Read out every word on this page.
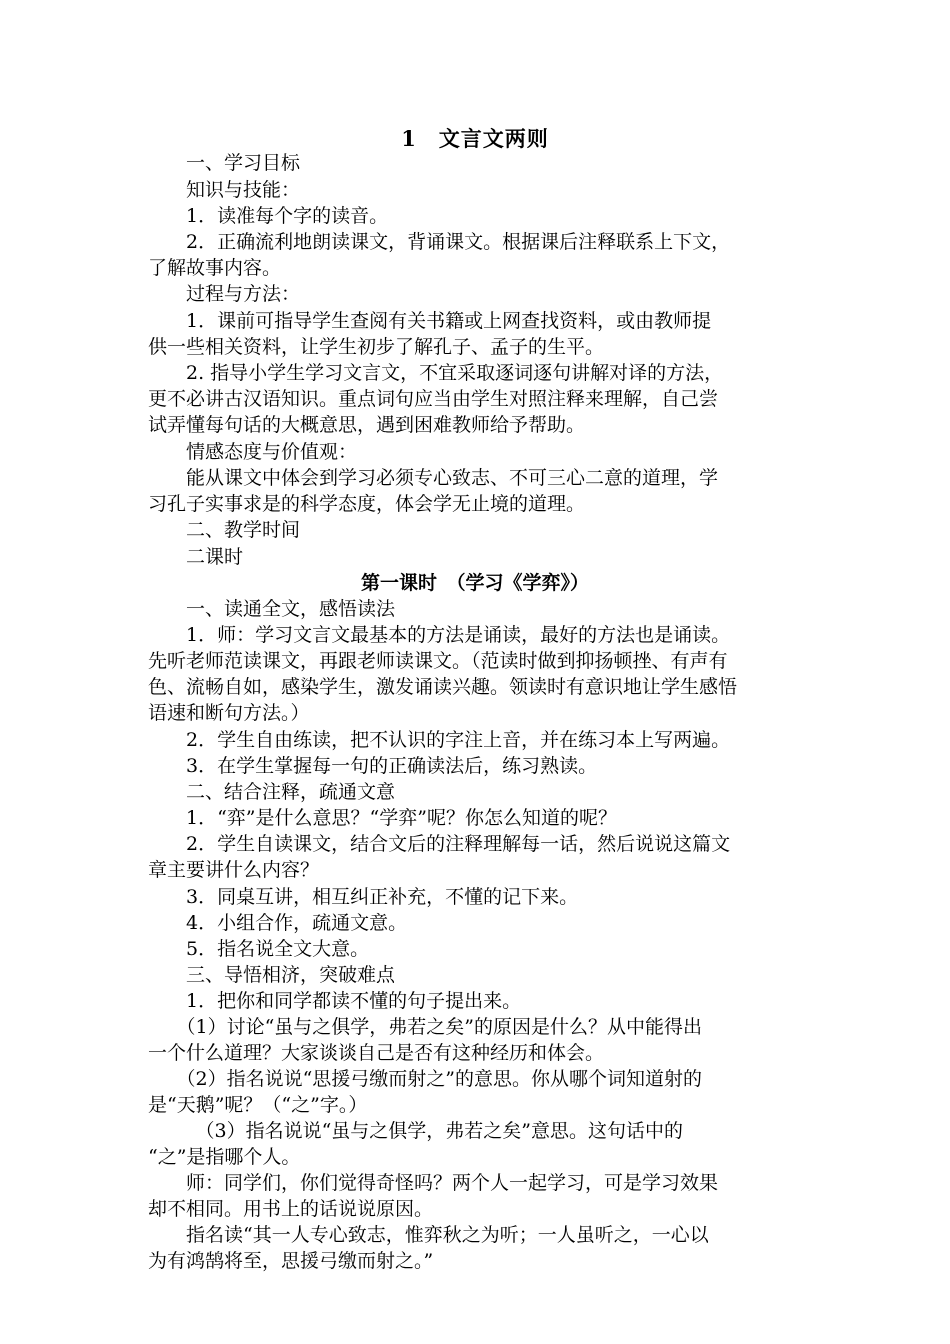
1　文言文两则
　　一、学习目标
　　知识与技能：
　　1．读准每个字的读音。
　　2．正确流利地朗读课文，背诵课文。根据课后注释联系上下文，
了解故事内容。
　　过程与方法：
　　1．课前可指导学生查阅有关书籍或上网查找资料，或由教师提
供一些相关资料，让学生初步了解孔子、孟子的生平。
　　2. 指导小学生学习文言文，不宜采取逐词逐句讲解对译的方法，
更不必讲古汉语知识。重点词句应当由学生对照注释来理解，自己尝
试弄懂每句话的大概意思，遇到困难教师给予帮助。
　　情感态度与价值观：
　　能从课文中体会到学习必须专心致志、不可三心二意的道理，学
习孔子实事求是的科学态度，体会学无止境的道理。
　　二、教学时间
　　二课时
第一课时　（学习《学弈》）
　　一、读通全文，感悟读法
　　1．师：学习文言文最基本的方法是诵读，最好的方法也是诵读。
先听老师范读课文，再跟老师读课文。（范读时做到抑扬顿挫、有声有
色、流畅自如，感染学生，激发诵读兴趣。领读时有意识地让学生感悟
语速和断句方法。）
　　2．学生自由练读，把不认识的字注上音，并在练习本上写两遍。
　　3．在学生掌握每一句的正确读法后，练习熟读。
　　二、结合注释，疏通文意
　　1．“弈”是什么意思？“学弈”呢？你怎么知道的呢？
　　2．学生自读课文，结合文后的注释理解每一话，然后说说这篇文
章主要讲什么内容？
　　3．同桌互讲，相互纠正补充，不懂的记下来。
　　4．小组合作，疏通文意。
　　5．指名说全文大意。
　　三、导悟相济，突破难点
　　1．把你和同学都读不懂的句子提出来。
　　（1）讨论“虽与之俱学，弗若之矣”的原因是什么？从中能得出
一个什么道理？大家谈谈自己是否有这种经历和体会。
　　（2）指名说说“思援弓缴而射之”的意思。你从哪个词知道射的
是“天鹅”呢？（“之”字。）
　　　（3）指名说说“虽与之俱学，弗若之矣”意思。这句话中的
“之”是指哪个人。
　　师：同学们，你们觉得奇怪吗？两个人一起学习，可是学习效果
却不相同。用书上的话说说原因。
　　指名读“其一人专心致志，惟弈秋之为听；一人虽听之，一心以
为有鸿鹄将至，思援弓缴而射之。”
